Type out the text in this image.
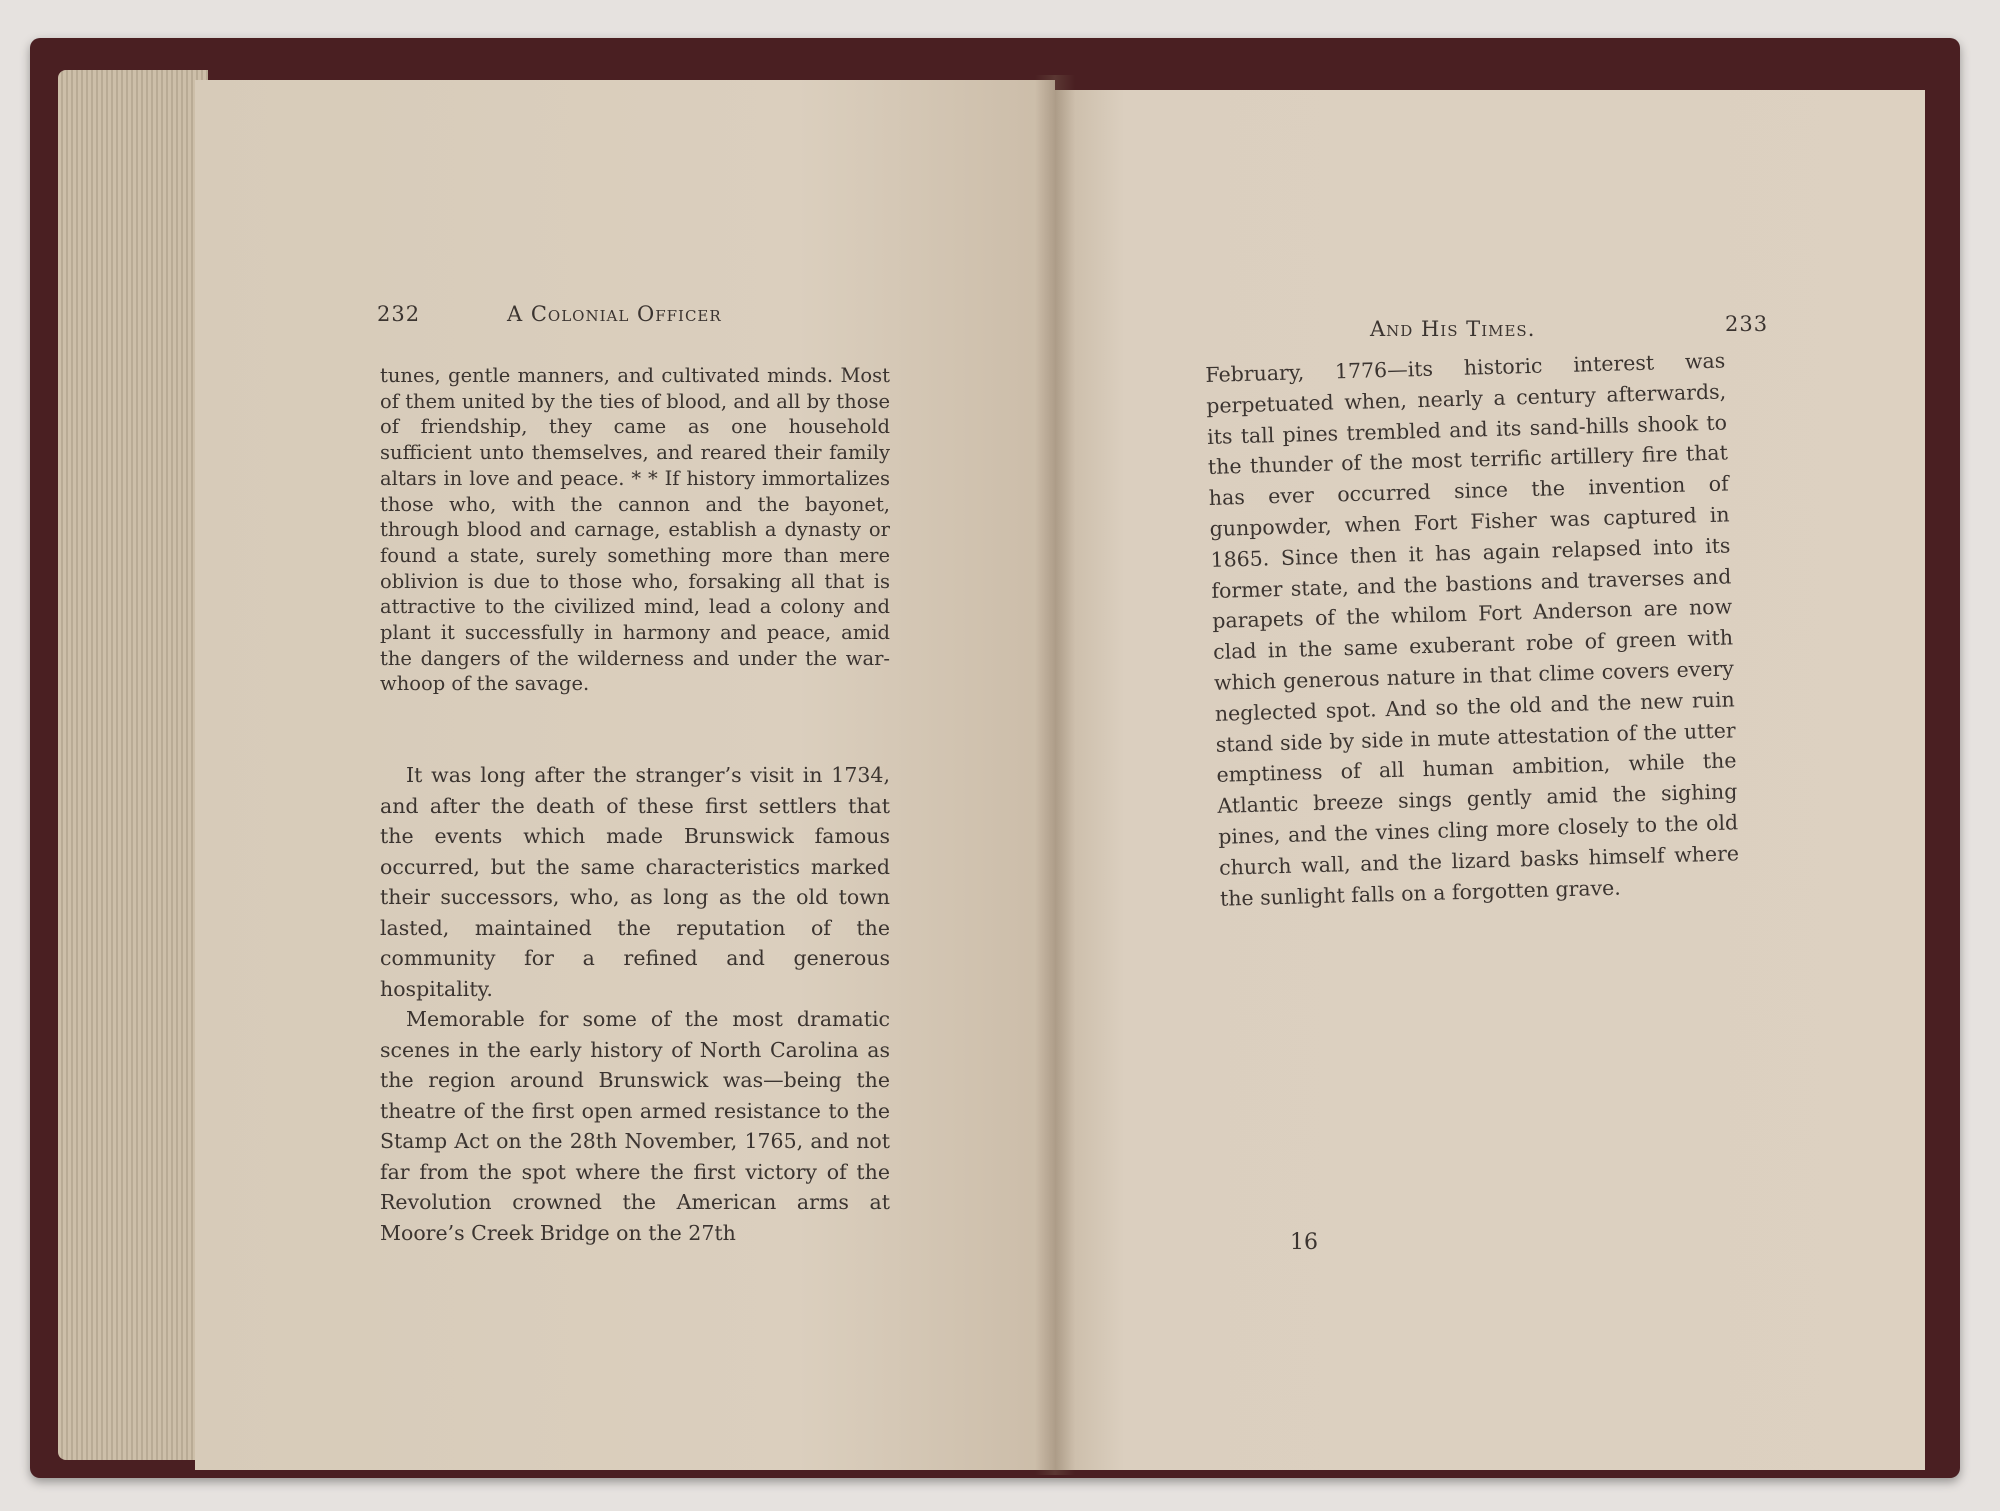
232	A Colonial Officer

tunes, gentle manners, and cultivated minds. Most of them united by the ties of blood, and all by those of friendship, they came as one household sufficient unto themselves, and reared their family altars in love and peace. * * If history immortalizes those who, with the cannon and the bayonet, through blood and carnage, establish a dynasty or found a state, surely something more than mere oblivion is due to those who, forsaking all that is attractive to the civilized mind, lead a colony and plant it successfully in harmony and peace, amid the dangers of the wilderness and under the war-whoop of the savage.

It was long after the stranger’s visit in 1734, and after the death of these first settlers that the events which made Brunswick famous occurred, but the same characteristics marked their successors, who, as long as the old town lasted, maintained the reputation of the community for a refined and generous hospitality.

Memorable for some of the most dramatic scenes in the early history of North Carolina as the region around Brunswick was—being the theatre of the first open armed resistance to the Stamp Act on the 28th November, 1765, and not far from the spot where the first victory of the Revolution crowned the American arms at Moore’s Creek Bridge on the 27th

And His Times.	233

February, 1776—its historic interest was perpetuated when, nearly a century afterwards, its tall pines trembled and its sand-hills shook to the thunder of the most terrific artillery fire that has ever occurred since the invention of gunpowder, when Fort Fisher was captured in 1865. Since then it has again relapsed into its former state, and the bastions and traverses and parapets of the whilom Fort Anderson are now clad in the same exuberant robe of green with which generous nature in that clime covers every neglected spot. And so the old and the new ruin stand side by side in mute attestation of the utter emptiness of all human ambition, while the Atlantic breeze sings gently amid the sighing pines, and the vines cling more closely to the old church wall, and the lizard basks himself where the sunlight falls on a forgotten grave.

16
